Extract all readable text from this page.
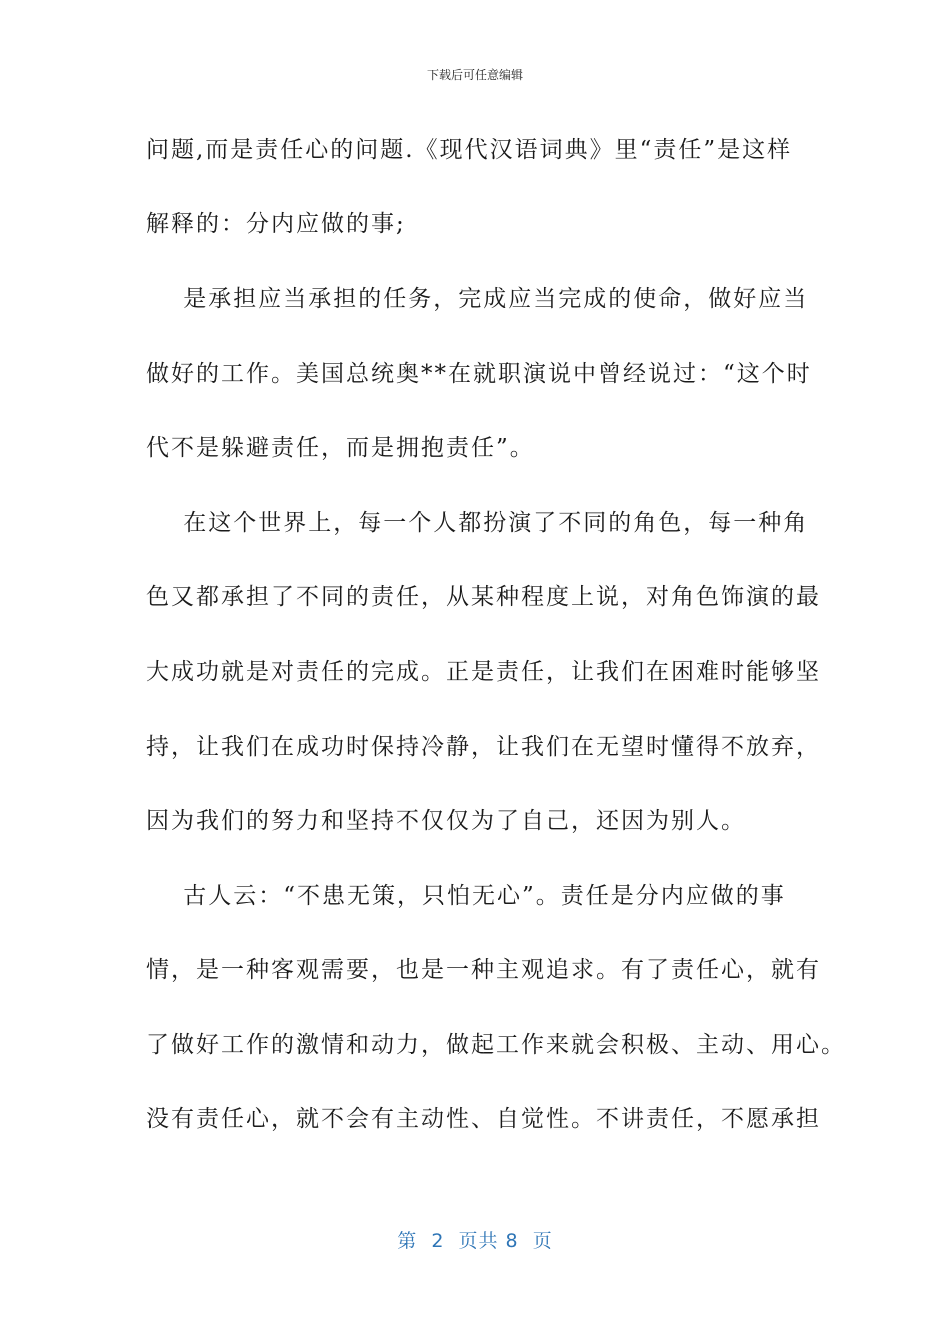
下载后可任意编辑
问题,而是责任心的问题.《现代汉语词典》里“责任”是这样
解释的：分内应做的事;
是承担应当承担的任务，完成应当完成的使命，做好应当
做好的工作。美国总统奥**在就职演说中曾经说过：“这个时
代不是躲避责任，而是拥抱责任”。
在这个世界上，每一个人都扮演了不同的角色，每一种角
色又都承担了不同的责任，从某种程度上说，对角色饰演的最
大成功就是对责任的完成。正是责任，让我们在困难时能够坚
持，让我们在成功时保持冷静，让我们在无望时懂得不放弃，
因为我们的努力和坚持不仅仅为了自己，还因为别人。
古人云：“不患无策，只怕无心”。责任是分内应做的事
情，是一种客观需要，也是一种主观追求。有了责任心，就有
了做好工作的激情和动力，做起工作来就会积极、主动、用心。
没有责任心，就不会有主动性、自觉性。不讲责任，不愿承担
第  2  页共 8  页
